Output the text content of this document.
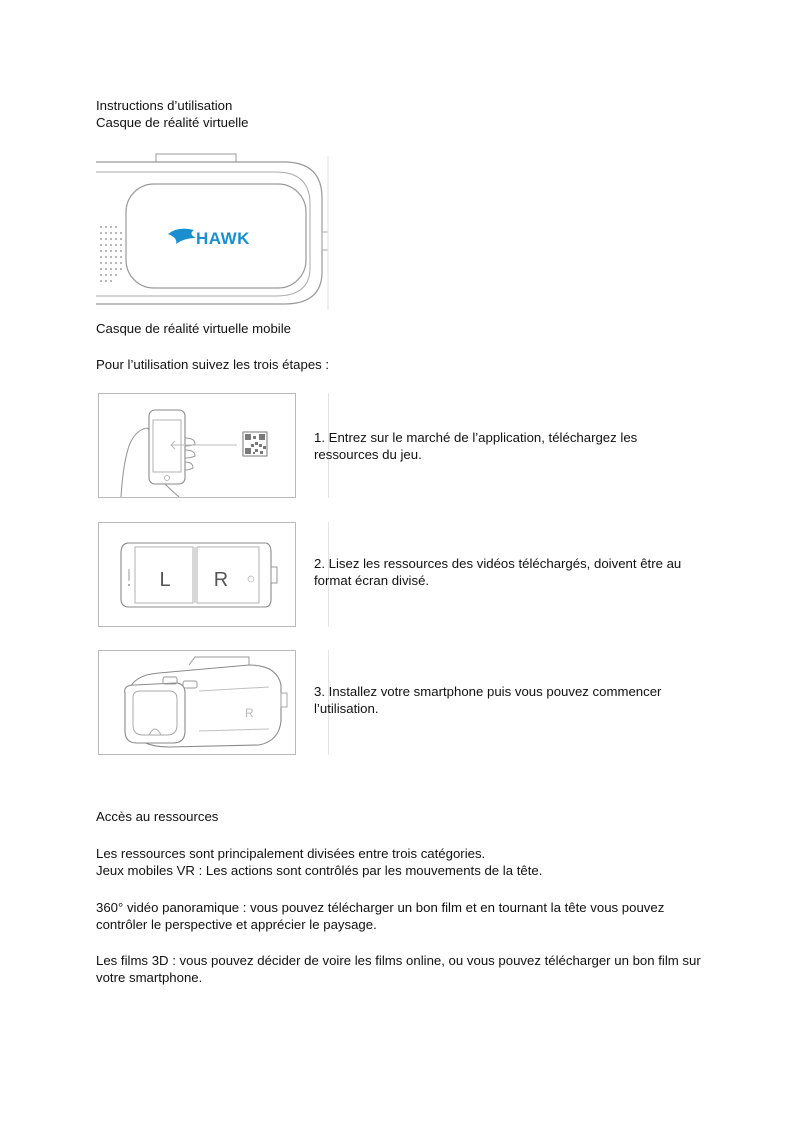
Instructions d’utilisation
Casque de réalité virtuelle
HAWK
Casque de réalité virtuelle mobile
Pour l’utilisation suivez les trois étapes :
1. Entrez sur le marché de l’application, téléchargez les ressources du jeu.
L R
2. Lisez les ressources des vidéos téléchargés, doivent être au format écran divisé.
R
3. Installez votre smartphone puis vous pouvez commencer l’utilisation.
Accès au ressources
Les ressources sont principalement divisées entre trois catégories.
Jeux mobiles VR : Les actions sont contrôlés par les mouvements de la tête.
360° vidéo panoramique : vous pouvez télécharger un bon film et en tournant la tête vous pouvez contrôler le perspective et apprécier le paysage.
Les films 3D : vous pouvez décider de voire les films online, ou vous pouvez télécharger un bon film sur votre smartphone.
